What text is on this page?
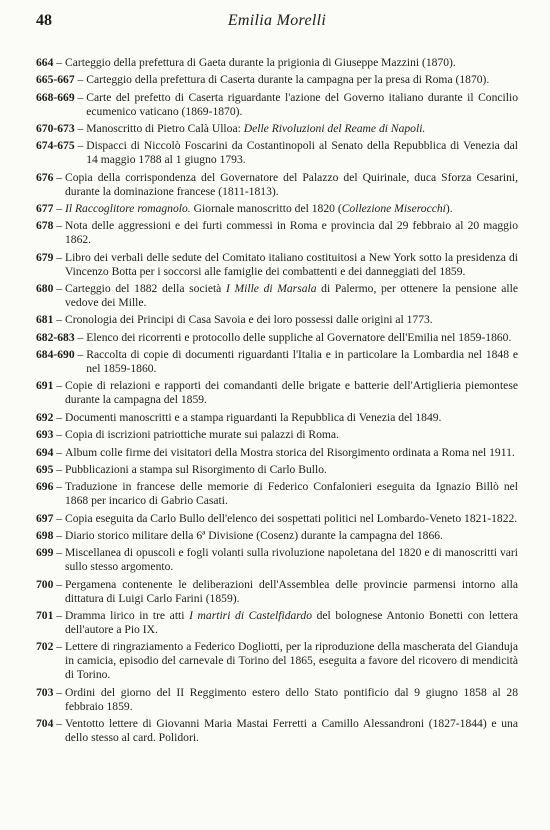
48	Emilia Morelli
664 – Carteggio della prefettura di Gaeta durante la prigionia di Giuseppe Mazzini (1870).
665-667 – Carteggio della prefettura di Caserta durante la campagna per la presa di Roma (1870).
668-669 – Carte del prefetto di Caserta riguardante l'azione del Governo italiano durante il Concilio ecumenico vaticano (1869-1870).
670-673 – Manoscritto di Pietro Calà Ulloa: Delle Rivoluzioni del Reame di Napoli.
674-675 – Dispacci di Niccolò Foscarini da Costantinopoli al Senato della Repubblica di Venezia dal 14 maggio 1788 al 1 giugno 1793.
676 – Copia della corrispondenza del Governatore del Palazzo del Quirinale, duca Sforza Cesarini, durante la dominazione francese (1811-1813).
677 – Il Raccoglitore romagnolo. Giornale manoscritto del 1820 (Collezione Miserocchi).
678 – Nota delle aggressioni e dei furti commessi in Roma e provincia dal 29 febbraio al 20 maggio 1862.
679 – Libro dei verbali delle sedute del Comitato italiano costituitosi a New York sotto la presidenza di Vincenzo Botta per i soccorsi alle famiglie dei combattenti e dei danneggiati del 1859.
680 – Carteggio del 1882 della società I Mille di Marsala di Palermo, per ottenere la pensione alle vedove dei Mille.
681 – Cronologia dei Principi di Casa Savoia e dei loro possessi dalle origini al 1773.
682-683 – Elenco dei ricorrenti e protocollo delle suppliche al Governatore dell'Emilia nel 1859-1860.
684-690 – Raccolta di copie di documenti riguardanti l'Italia e in particolare la Lombardia nel 1848 e nel 1859-1860.
691 – Copie di relazioni e rapporti dei comandanti delle brigate e batterie dell'Artiglieria piemontese durante la campagna del 1859.
692 – Documenti manoscritti e a stampa riguardanti la Repubblica di Venezia del 1849.
693 – Copia di iscrizioni patriottiche murate sui palazzi di Roma.
694 – Album colle firme dei visitatori della Mostra storica del Risorgimento ordinata a Roma nel 1911.
695 – Pubblicazioni a stampa sul Risorgimento di Carlo Bullo.
696 – Traduzione in francese delle memorie di Federico Confalonieri eseguita da Ignazio Billò nel 1868 per incarico di Gabrio Casati.
697 – Copia eseguita da Carlo Bullo dell'elenco dei sospettati politici nel Lombardo-Veneto 1821-1822.
698 – Diario storico militare della 6ª Divisione (Cosenz) durante la campagna del 1866.
699 – Miscellanea di opuscoli e fogli volanti sulla rivoluzione napoletana del 1820 e di manoscritti vari sullo stesso argomento.
700 – Pergamena contenente le deliberazioni dell'Assemblea delle provincie parmensi intorno alla dittatura di Luigi Carlo Farini (1859).
701 – Dramma lirico in tre atti I martiri di Castelfidardo del bolognese Antonio Bonetti con lettera dell'autore a Pio IX.
702 – Lettere di ringraziamento a Federico Dogliotti, per la riproduzione della mascherata del Gianduja in camicia, episodio del carnevale di Torino del 1865, eseguita a favore del ricovero di mendicità di Torino.
703 – Ordini del giorno del II Reggimento estero dello Stato pontificio dal 9 giugno 1858 al 28 febbraio 1859.
704 – Ventotto lettere di Giovanni Maria Mastai Ferretti a Camillo Alessandroni (1827-1844) e una dello stesso al card. Polidori.
